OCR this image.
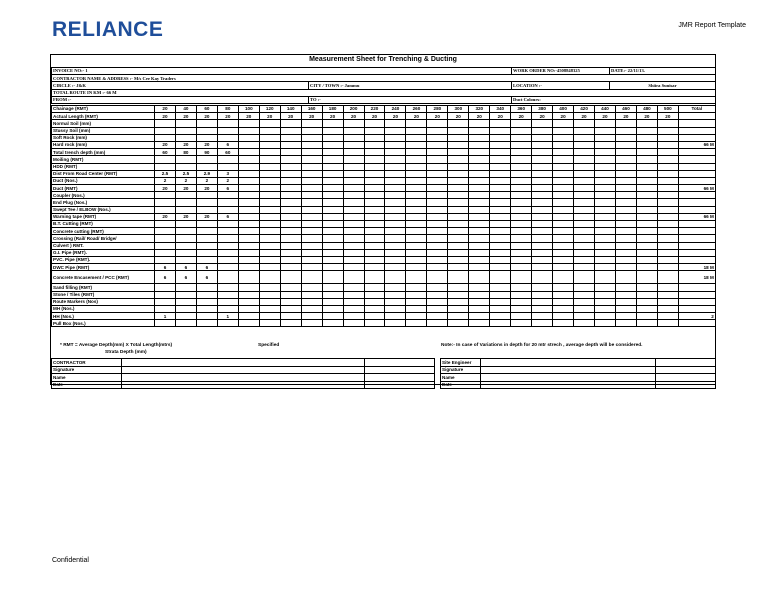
RELIANCE	JMR Report Template
Measurement Sheet for Trenching & Ducting
INVOICE NO:- 1		WORK ORDER NO:-4508848325	DATE:- 22/11/13.
CONTRACTOR NAME & ADDRESS :- M/s Cee Kay Traders			
CIRCLE :- J&K	CITY / TOWN :- Jammu	LOCATION :-	Shiira Sunisar
TOTAL ROUTE IN KM :- 66 M			
FROM :-	TO :-	Duct Colours:	
Chainage (RMT)	20	40	60	80	100	120	140	160	180	200	220	240	260	280	300	320	340	360	380	400	420	440	460	480	500	Total
Actual Length (RMT)	20	20	20	20	20	20	20	20	20	20	20	20	20	20	20	20	20	20	20	20	20	20	20	20	20	
Normal Soil (mm)																										
Stussy Soil (mm)																										
Soft Rock (mm)																										
Hard rock (mm)	20	20	20	6																						66 M
Total trench depth (mm)	60	80	90	60																						
Moiling (RMT)																										
HDD (RMT)																										
Dist From Road Center (RMT)	2.5	2.5	2.9	3																						
Duct (Nos.)	2	2	2	2																						
Duct (RMT)	20	20	20	6																						66 M
Coupler (Nos.)																										
End Plug (Nos.)																										
Swept Tee / ELBOW (Nos.)																										
Warning tape (RMT)	20	20	20	6																						66 M
B.T. Cutting (RMT)																										
Concrete cutting (RMT)																										
Crossing (Rail/ Road/ Bridge/																										
Culvert ) RMT.																										
G.I. Pipe (RMT).																										
PVC. Pipe (RMT).																										
DWC Pipe (RMT)	6	6	6																							18 M
Concrete Encasement / PCC (RMT)	6	6	6																							18 M
Sand filling (RMT)																										
Stone / Tiles (RMT)																										
Route Markers (Nos)																										
MH (Nos.)																										
HH (Nos.)	1			1																						2
Pull Box (Nos.)																										
* RMT = Average Depth(mm) X Total Length(mtrs)
Strata Depth (mm)
Specified	Note:- In case of Variations in depth for 20 mtr strech , average depth will be considered.
CONTRACTOR		
Signature		
Name		
Date		
Site Engineer		
Signature		
Name		
Date		
Confidential
